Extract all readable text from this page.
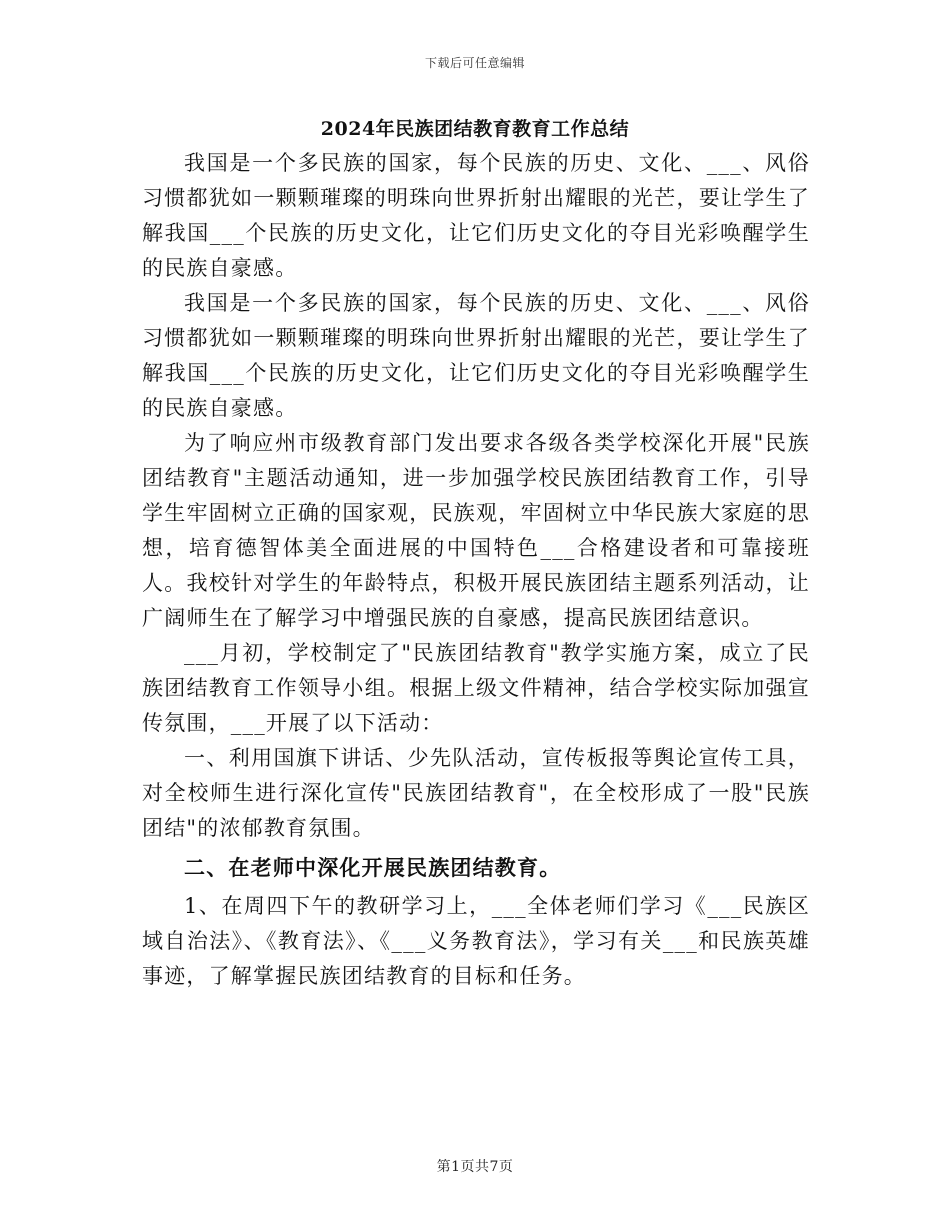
下载后可任意编辑
2024年民族团结教育教育工作总结

我国是一个多民族的国家，每个民族的历史、文化、___、风俗习惯都犹如一颗颗璀璨的明珠向世界折射出耀眼的光芒，要让学生了解我国___个民族的历史文化，让它们历史文化的夺目光彩唤醒学生的民族自豪感。

我国是一个多民族的国家，每个民族的历史、文化、___、风俗习惯都犹如一颗颗璀璨的明珠向世界折射出耀眼的光芒，要让学生了解我国___个民族的历史文化，让它们历史文化的夺目光彩唤醒学生的民族自豪感。

为了响应州市级教育部门发出要求各级各类学校深化开展"民族团结教育"主题活动通知，进一步加强学校民族团结教育工作，引导学生牢固树立正确的国家观，民族观，牢固树立中华民族大家庭的思想，培育德智体美全面进展的中国特色___合格建设者和可靠接班人。我校针对学生的年龄特点，积极开展民族团结主题系列活动，让广阔师生在了解学习中增强民族的自豪感，提高民族团结意识。

___月初，学校制定了"民族团结教育"教学实施方案，成立了民族团结教育工作领导小组。根据上级文件精神，结合学校实际加强宣传氛围，___开展了以下活动：

一、利用国旗下讲话、少先队活动，宣传板报等舆论宣传工具，对全校师生进行深化宣传"民族团结教育"，在全校形成了一股"民族团结"的浓郁教育氛围。

二、在老师中深化开展民族团结教育。

1、在周四下午的教研学习上，___全体老师们学习《___民族区域自治法》、《教育法》、《___义务教育法》，学习有关___和民族英雄事迹，了解掌握民族团结教育的目标和任务。

第1页共7页
